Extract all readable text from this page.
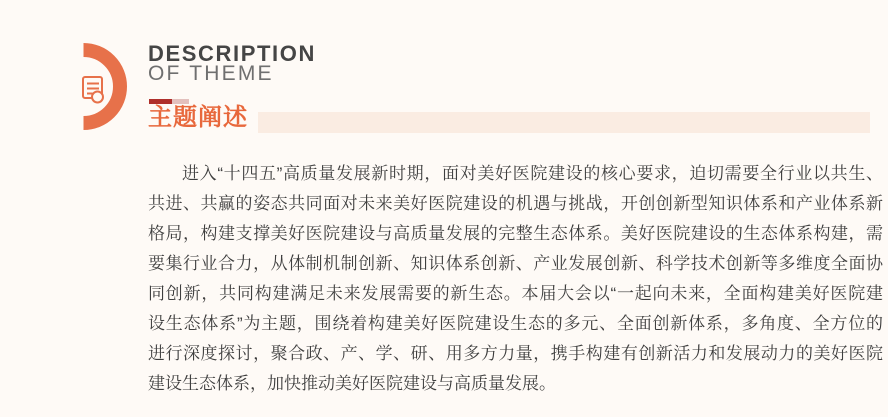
DESCRIPTION
OF THEME
主题阐述
进入“十四五”高质量发展新时期，面对美好医院建设的核心要求，迫切需要全行业以共生、
共进、共赢的姿态共同面对未来美好医院建设的机遇与挑战，开创创新型知识体系和产业体系新
格局，构建支撑美好医院建设与高质量发展的完整生态体系。美好医院建设的生态体系构建，需
要集行业合力，从体制机制创新、知识体系创新、产业发展创新、科学技术创新等多维度全面协
同创新，共同构建满足未来发展需要的新生态。本届大会以“一起向未来，全面构建美好医院建
设生态体系”为主题，围绕着构建美好医院建设生态的多元、全面创新体系，多角度、全方位的
进行深度探讨，聚合政、产、学、研、用多方力量，携手构建有创新活力和发展动力的美好医院
建设生态体系，加快推动美好医院建设与高质量发展。
